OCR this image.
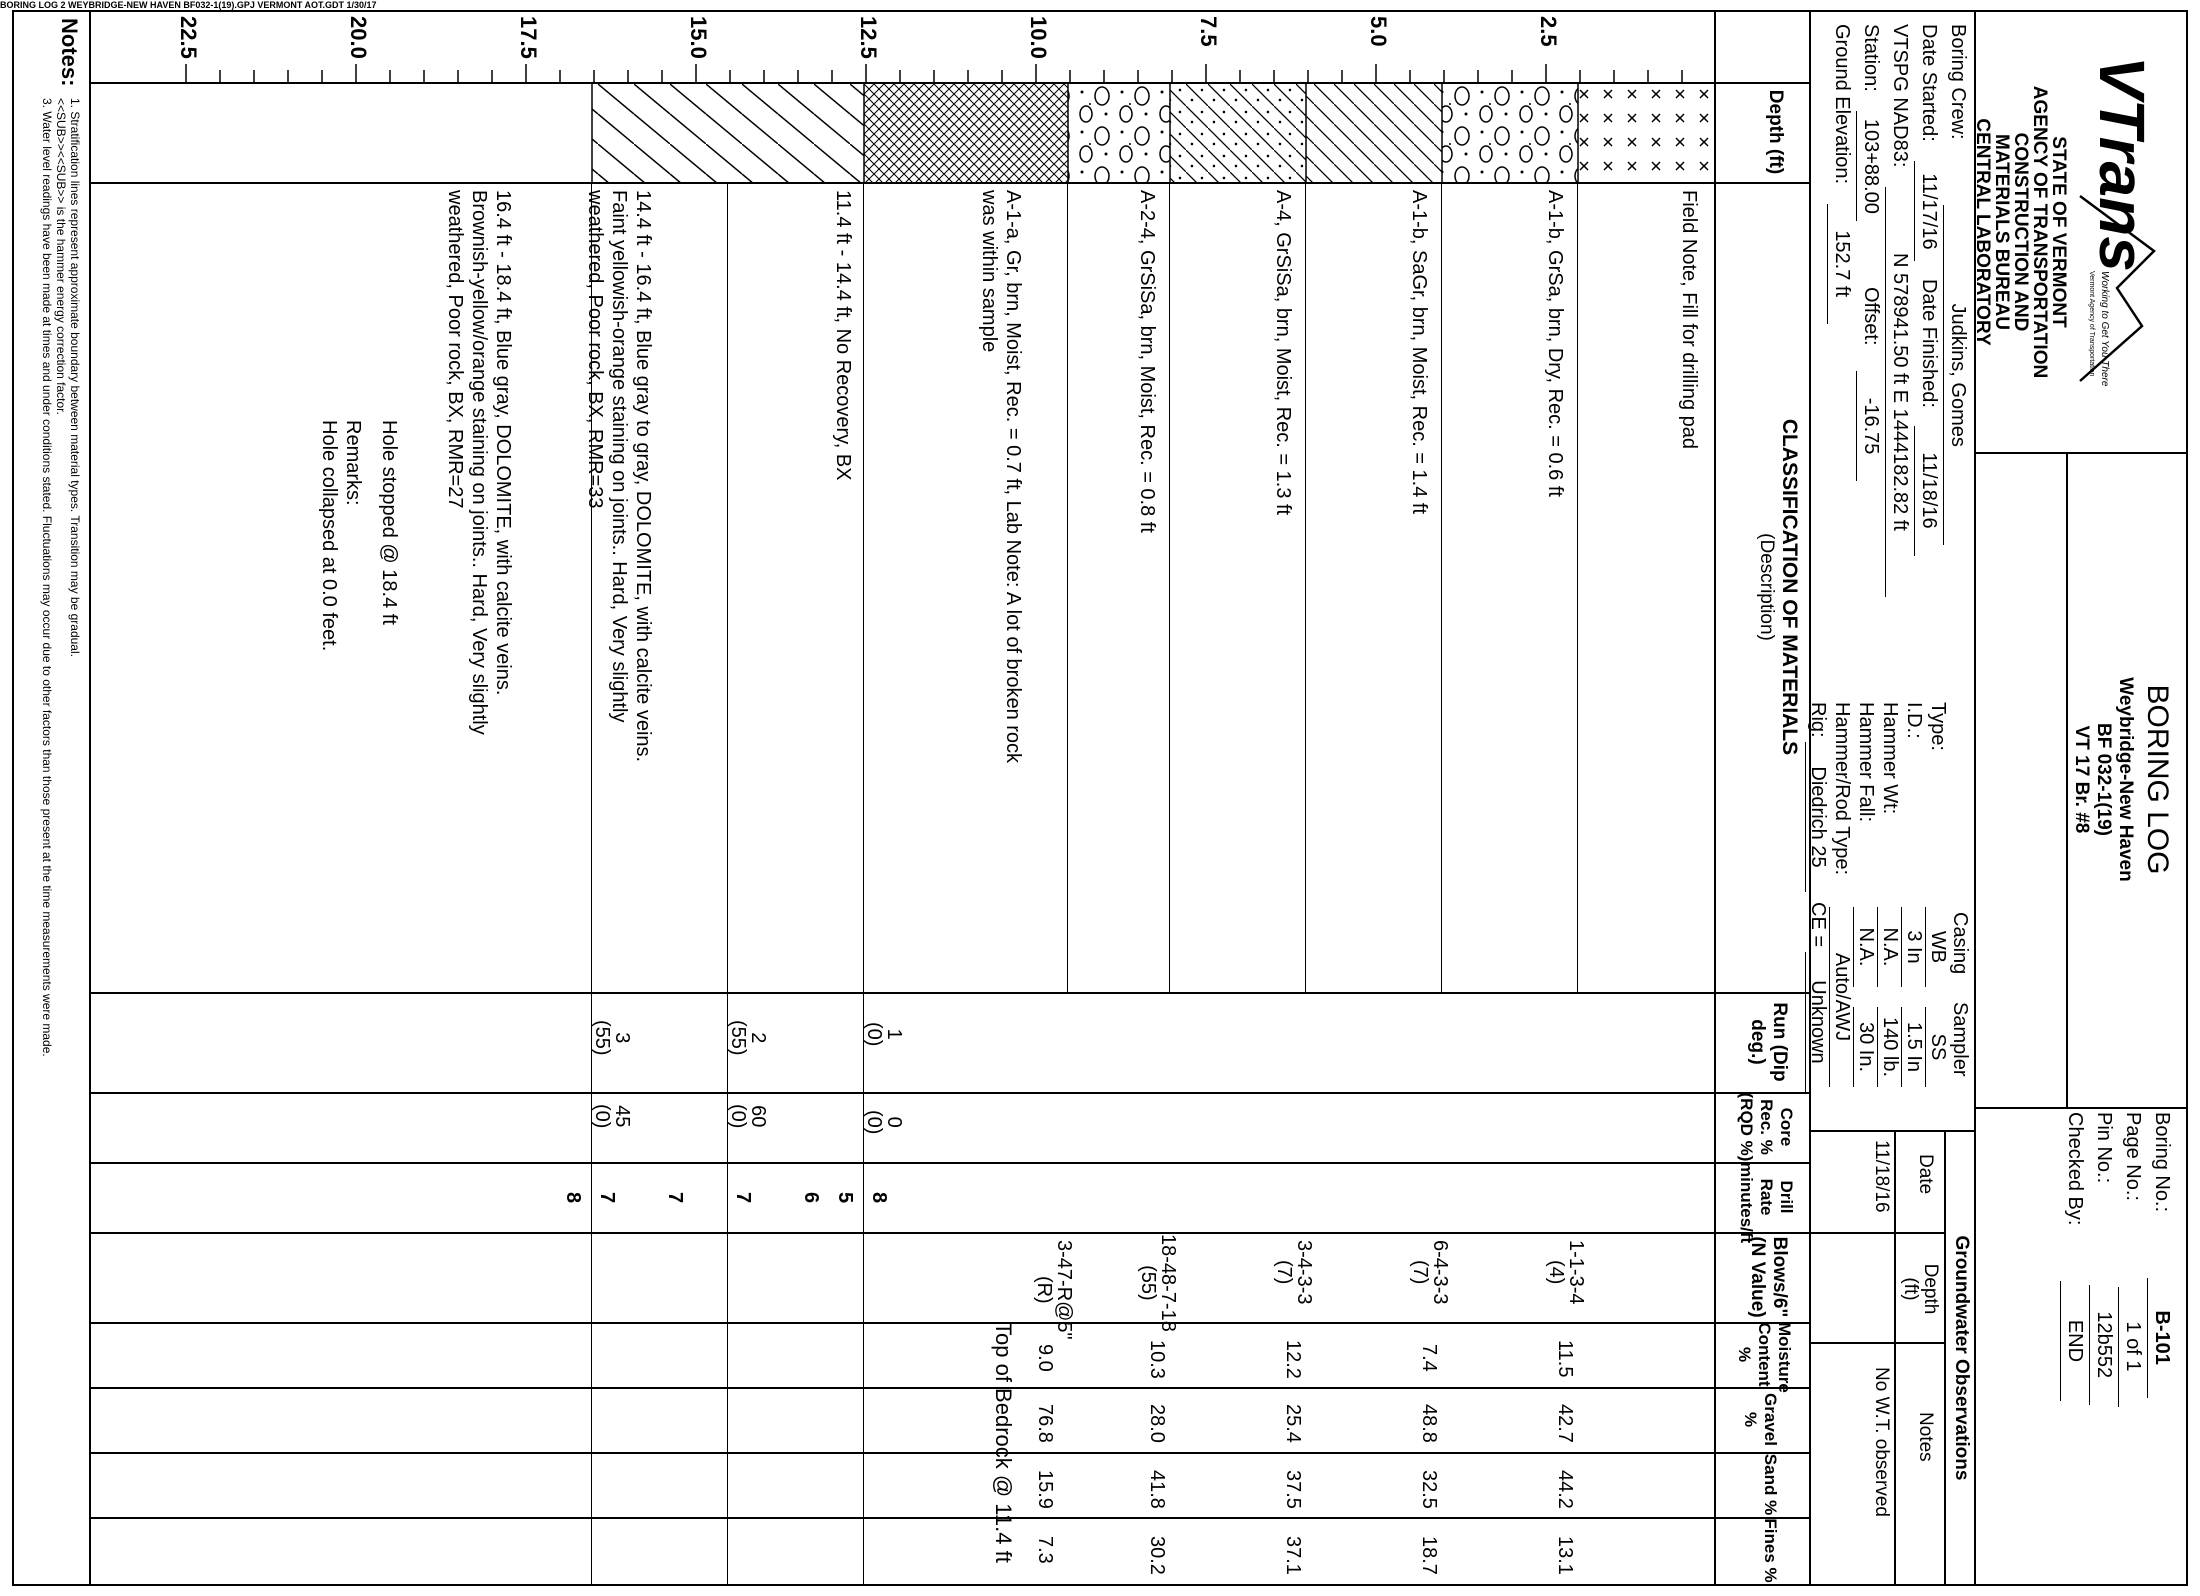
BORING LOG 2 WEYBRIDGE-NEW HAVEN BF032-1(19).GPJ VERMONT AOT.GDT 1/30/17
VTrans
Working to Get You There
Vermont Agency of Transportation
STATE OF VERMONT
AGENCY OF TRANSPORTATION
CONSTRUCTION AND
MATERIALS BUREAU
CENTRAL LABORATORY
BORING LOG
Weybridge-New Haven
BF 032-1(19)
VT 17 Br. #8
Boring No.: B-101
Page No.: 1 of 1
Pin No.: 12b552
Checked By: END
Boring Crew: Judkins, Gomes
Date Started: 11/17/16 Date Finished: 11/18/16
VTSPG NAD83: N 578941.50 ft E 1444182.82 ft
Station: 103+88.00 Offset: -16.75
Ground Elevation: 152.7 ft
Casing
Sampler
Type:
WB
SS
I.D.:
3 In
1.5 In
Hammer Wt:
N.A.
140 lb.
Hammer Fall:
N.A.
30 In.
Hammer/Rod Type:
Auto/AWJ
Rig:
Diedrich 25
CE =
Unknown
Groundwater Observations
Date
Depth (ft)
Notes
11/18/16
No W.T. observed
Depth (ft)
CLASSIFICATION OF MATERIALS
(Description)
Run (Dip deg.)
Core Rec. % (RQD %)
Drill Rate minutes/ft
Blows/6" (N Value)
Moisture Content %
Gravel %
Sand %
Fines %
2.5
5.0
7.5
10.0
12.5
15.0
17.5
20.0
22.5
Field Note, Fill for drilling pad
A-1-b, GrSa, brn, Dry, Rec. = 0.6 ft
A-1-b, SaGr, brn, Moist, Rec. = 1.4 ft
A-4, GrSiSa, brn, Moist, Rec. = 1.3 ft
A-2-4, GrSiSa, brn, Moist, Rec. = 0.8 ft
A-1-a, Gr, brn, Moist, Rec. = 0.7 ft, Lab Note: A lot of broken rock
was within sample
11.4 ft - 14.4 ft, No Recovery, BX
14.4 ft - 16.4 ft, Blue gray to gray, DOLOMITE, with calcite veins.
Faint yellowish-orange staining on joints.. Hard, Very slightly
weathered, Poor rock, BX, RMR=33
16.4 ft - 18.4 ft, Blue gray, DOLOMITE, with calcite veins.
Brownish-yellow/orange staining on joints.. Hard, Very slightly
weathered, Poor rock, BX, RMR=27
Hole stopped @ 18.4 ft
Remarks:
Hole collapsed at 0.0 feet.
1
(0)
0
(0)
2
(55)
60
(0)
3
(55)
45
(0)
8
5
6
7
7
7
8
1-1-3-4
(4)
11.5
42.7
44.2
13.1
6-4-3-3
(7)
7.4
48.8
32.5
18.7
3-4-3-3
(7)
12.2
25.4
37.5
37.1
18-48-7-18
(55)
10.3
28.0
41.8
30.2
3-47-R@5"
(R)
9.0
76.8
15.9
7.3
Top of Bedrock @ 11.4 ft
Notes:
1. Stratification lines represent approximate boundary between material types. Transition may be gradual.
<<SUB>><<SUB>> is the hammer energy correction factor.
3. Water level readings have been made at times and under conditions stated. Fluctuations may occur due to other factors than those present at the time measurements were made.
